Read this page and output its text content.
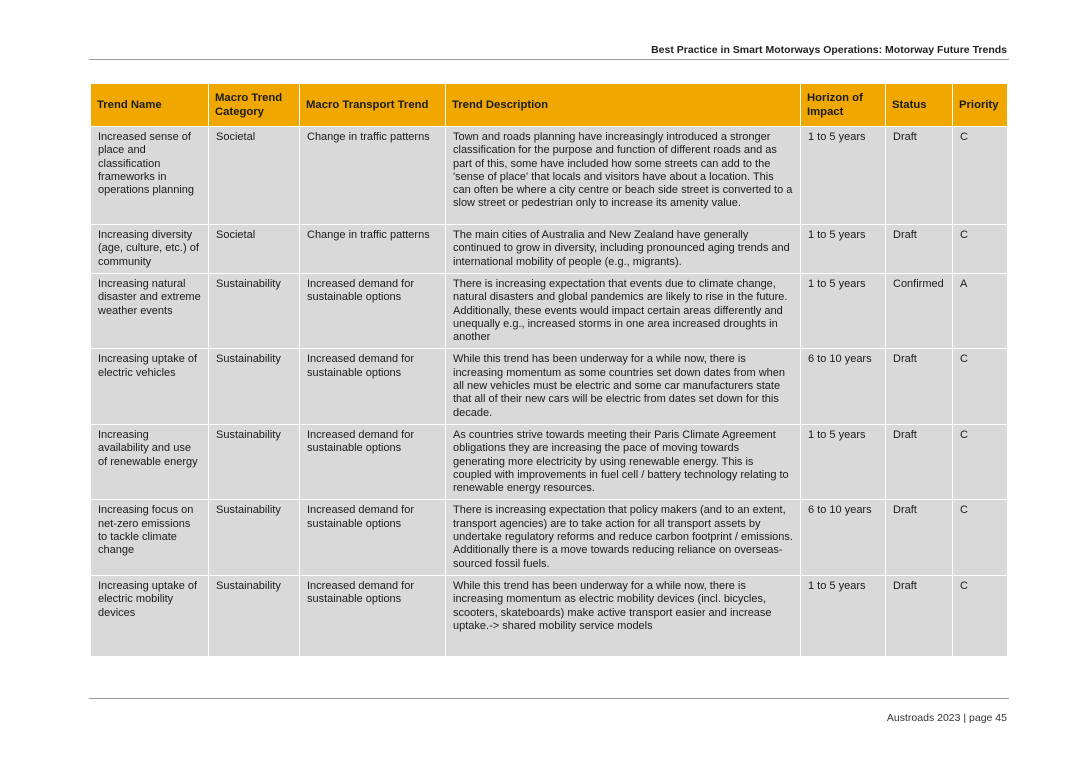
Best Practice in Smart Motorways Operations: Motorway Future Trends
Trend Name	Macro Trend Category	Macro Transport Trend	Trend Description	Horizon of Impact	Status	Priority
Increased sense of place and classification frameworks in operations planning	Societal	Change in traffic patterns	Town and roads planning have increasingly introduced a stronger classification for the purpose and function of different roads and as part of this, some have included how some streets can add to the 'sense of place' that locals and visitors have about a location. This can often be where a city centre or beach side street is converted to a slow street or pedestrian only to increase its amenity value.	1 to 5 years	Draft	C
Increasing diversity (age, culture, etc.) of community	Societal	Change in traffic patterns	The main cities of Australia and New Zealand have generally continued to grow in diversity, including pronounced aging trends and international mobility of people (e.g., migrants).	1 to 5 years	Draft	C
Increasing natural disaster and extreme weather events	Sustainability	Increased demand for sustainable options	There is increasing expectation that events due to climate change, natural disasters and global pandemics are likely to rise in the future. Additionally, these events would impact certain areas differently and unequally e.g., increased storms in one area increased droughts in another	1 to 5 years	Confirmed	A
Increasing uptake of electric vehicles	Sustainability	Increased demand for sustainable options	While this trend has been underway for a while now, there is increasing momentum as some countries set down dates from when all new vehicles must be electric and some car manufacturers state that all of their new cars will be electric from dates set down for this decade.	6 to 10 years	Draft	C
Increasing availability and use of renewable energy	Sustainability	Increased demand for sustainable options	As countries strive towards meeting their Paris Climate Agreement obligations they are increasing the pace of moving towards generating more electricity by using renewable energy. This is coupled with improvements in fuel cell / battery technology relating to renewable energy resources.	1 to 5 years	Draft	C
Increasing focus on net-zero emissions to tackle climate change	Sustainability	Increased demand for sustainable options	There is increasing expectation that policy makers (and to an extent, transport agencies) are to take action for all transport assets by undertake regulatory reforms and reduce carbon footprint / emissions. Additionally there is a move towards reducing reliance on overseas-sourced fossil fuels.	6 to 10 years	Draft	C
Increasing uptake of electric mobility devices	Sustainability	Increased demand for sustainable options	While this trend has been underway for a while now, there is increasing momentum as electric mobility devices (incl. bicycles, scooters, skateboards) make active transport easier and increase uptake.-> shared mobility service models	1 to 5 years	Draft	C
Austroads 2023 | page 45
